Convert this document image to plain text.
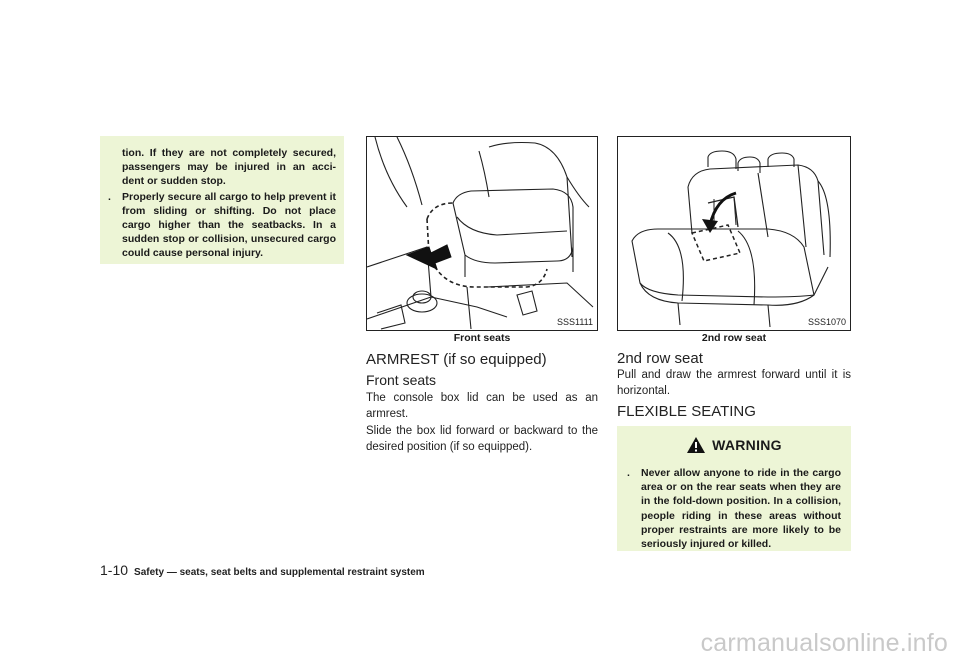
tion. If they are not completely secured, passengers may be injured in an acci- dent or sudden stop.
. Properly secure all cargo to help prevent it from sliding or shifting. Do not place cargo higher than the seatbacks. In a sudden stop or collision, unsecured cargo could cause personal injury.
SSS1111
Front seats
ARMREST (if so equipped)
Front seats
The console box lid can be used as an armrest.
Slide the box lid forward or backward to the desired position (if so equipped).
SSS1070
2nd row seat
2nd row seat
Pull and draw the armrest forward until it is horizontal.
FLEXIBLE SEATING
WARNING
. Never allow anyone to ride in the cargo area or on the rear seats when they are in the fold-down position. In a collision, people riding in these areas without proper restraints are more likely to be seriously injured or killed.
1-10 Safety — seats, seat belts and supplemental restraint system
carmanualsonline.info
